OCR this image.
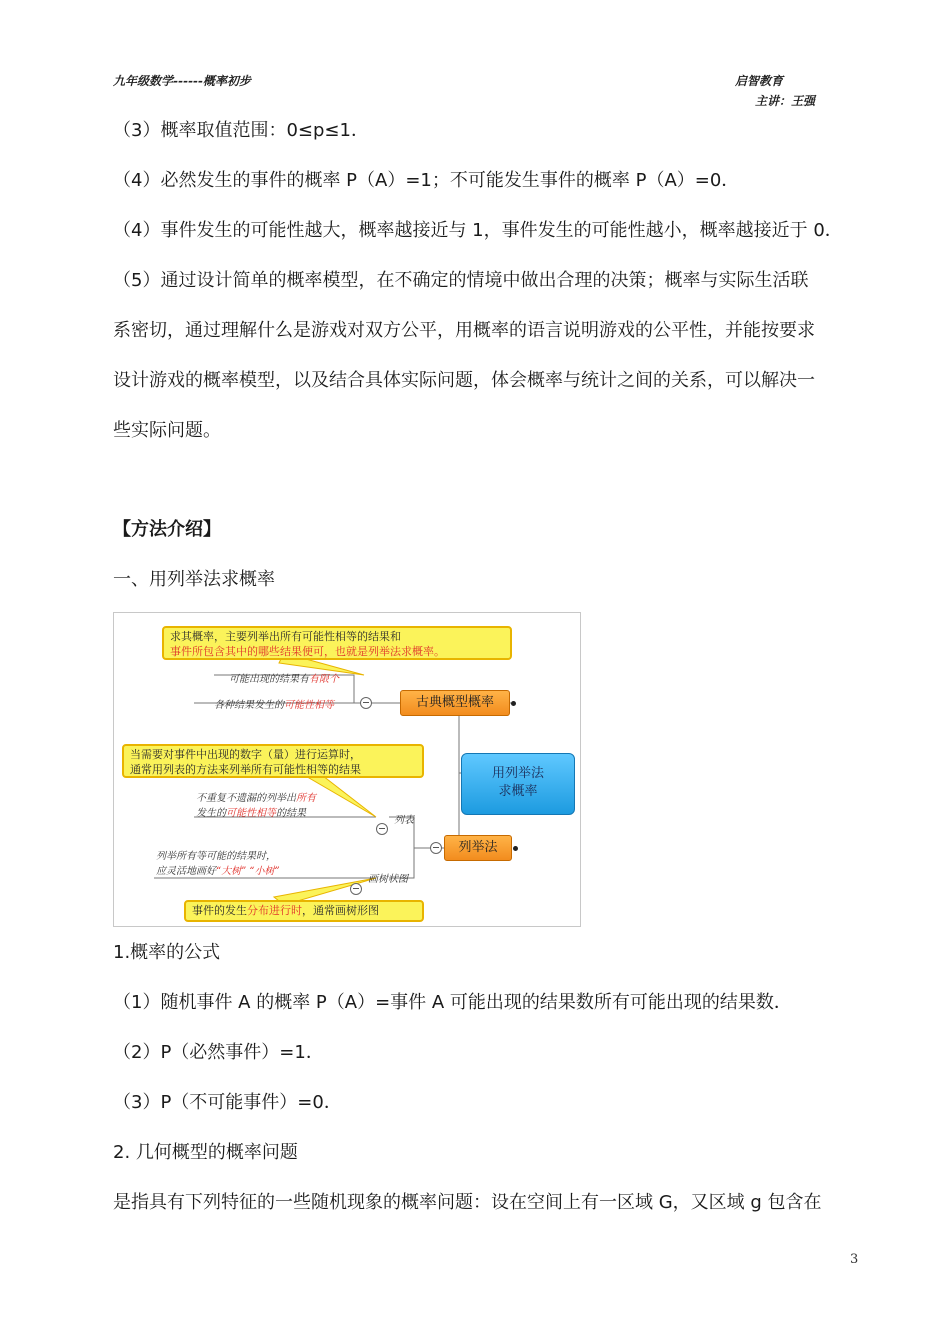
九年级数学------概率初步	启智教育
主讲：王强
（3）概率取值范围：0≤p≤1．
（4）必然发生的事件的概率 P（A）=1；不可能发生事件的概率 P（A）=0．
（4）事件发生的可能性越大，概率越接近与 1，事件发生的可能性越小，概率越接近于 0．
（5）通过设计简单的概率模型，在不确定的情境中做出合理的决策；概率与实际生活联
系密切，通过理解什么是游戏对双方公平，用概率的语言说明游戏的公平性，并能按要求
设计游戏的概率模型，以及结合具体实际问题，体会概率与统计之间的关系，可以解决一
些实际问题。
【方法介绍】
一、用列举法求概率
用列举法
求概率
古典概型概率
求其概率，主要列举出所有可能性相等的结果和
事件所包含其中的哪些结果便可，也就是列举法求概率。
可能出现的结果有有限个
各种结果发生的可能性相等
列举法
当需要对事件中出现的数字（量）进行运算时，
通常用列表的方法来列举所有可能性相等的结果
列表
不重复不遗漏的列举出所有
发生的可能性相等的结果
画树状图
列举所有等可能的结果时，
应灵活地画好“大树” “小树”
事件的发生分布进行时，通常画树形图
1.概率的公式
（1）随机事件 A 的概率 P（A）=事件 A 可能出现的结果数所有可能出现的结果数．
（2）P（必然事件）=1．
（3）P（不可能事件）=0．
2. 几何概型的概率问题
是指具有下列特征的一些随机现象的概率问题：设在空间上有一区域 G，又区域 g 包含在
3
